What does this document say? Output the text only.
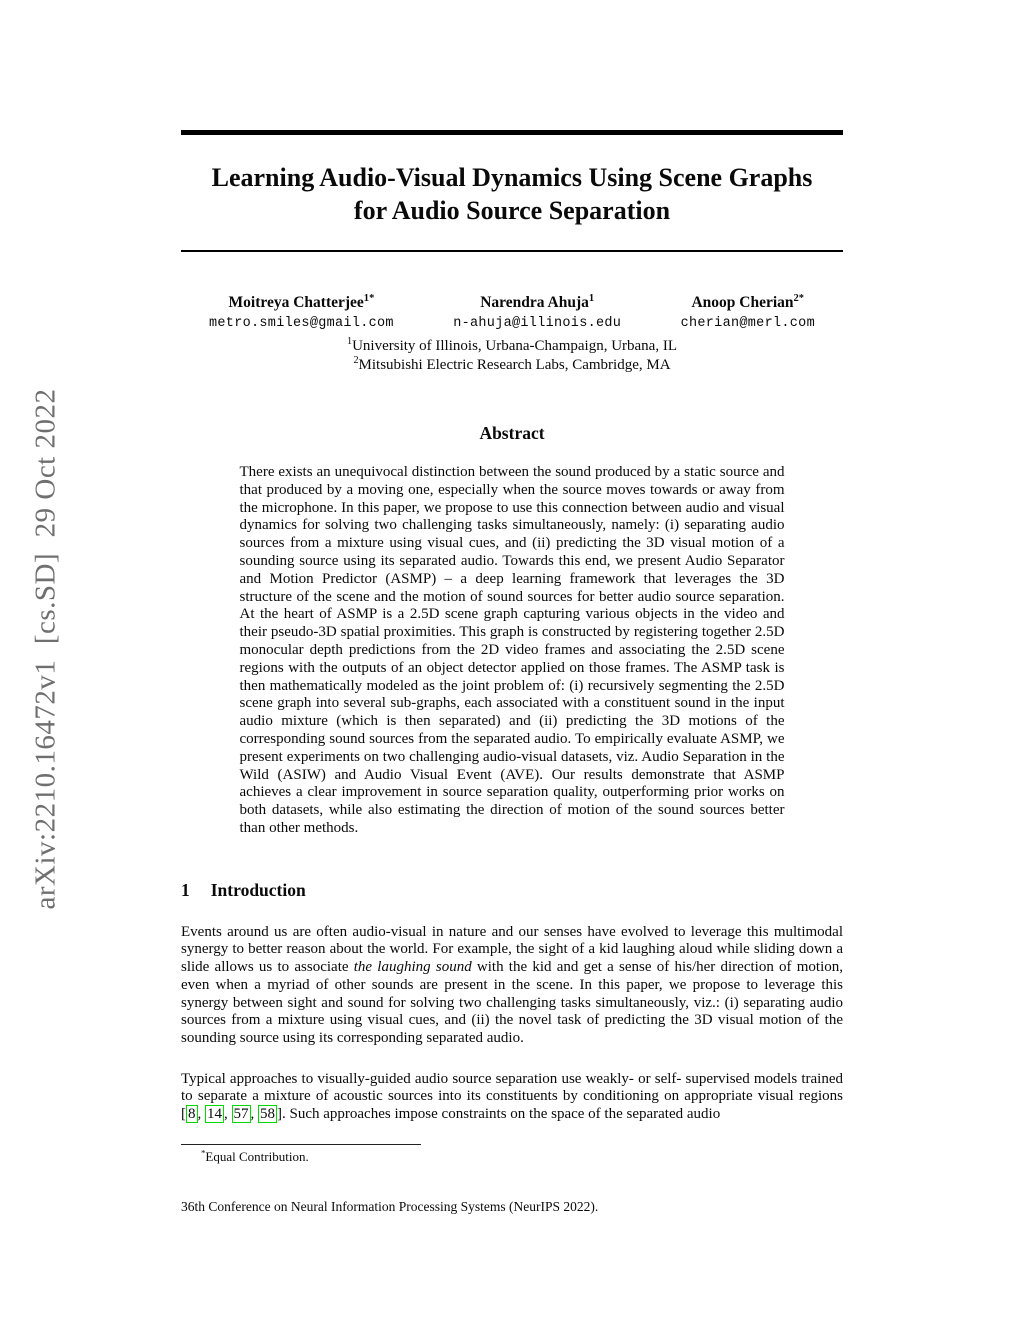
arXiv:2210.16472v1  [cs.SD]  29 Oct 2022
Learning Audio-Visual Dynamics Using Scene Graphs
for Audio Source Separation
Moitreya Chatterjee$^{1*}$
metro.smiles@gmail.com
Narendra Ahuja$^1$
n-ahuja@illinois.edu
Anoop Cherian$^{2*}$
cherian@merl.com
$^1$University of Illinois, Urbana-Champaign, Urbana, IL
$^2$Mitsubishi Electric Research Labs, Cambridge, MA
Abstract

There exists an unequivocal distinction between the sound produced by a static source and that produced by a moving one, especially when the source moves towards or away from the microphone. In this paper, we propose to use this connection between audio and visual dynamics for solving two challenging tasks simultaneously, namely: (i) separating audio sources from a mixture using visual cues, and (ii) predicting the 3D visual motion of a sounding source using its separated audio. Towards this end, we present Audio Separator and Motion Predictor (ASMP) – a deep learning framework that leverages the 3D structure of the scene and the motion of sound sources for better audio source separation. At the heart of ASMP is a 2.5D scene graph capturing various objects in the video and their pseudo-3D spatial proximities. This graph is constructed by registering together 2.5D monocular depth predictions from the 2D video frames and associating the 2.5D scene regions with the outputs of an object detector applied on those frames. The ASMP task is then mathematically modeled as the joint problem of: (i) recursively segmenting the 2.5D scene graph into several sub-graphs, each associated with a constituent sound in the input audio mixture (which is then separated) and (ii) predicting the 3D motions of the corresponding sound sources from the separated audio. To empirically evaluate ASMP, we present experiments on two challenging audio-visual datasets, viz. Audio Separation in the Wild (ASIW) and Audio Visual Event (AVE). Our results demonstrate that ASMP achieves a clear improvement in source separation quality, outperforming prior works on both datasets, while also estimating the direction of motion of the sound sources better than other methods.

1 Introduction

Events around us are often audio-visual in nature and our senses have evolved to leverage this multimodal synergy to better reason about the world. For example, the sight of a kid laughing aloud while sliding down a slide allows us to associate the laughing sound with the kid and get a sense of his/her direction of motion, even when a myriad of other sounds are present in the scene. In this paper, we propose to leverage this synergy between sight and sound for solving two challenging tasks simultaneously, viz.: (i) separating audio sources from a mixture using visual cues, and (ii) the novel task of predicting the 3D visual motion of the sounding source using its corresponding separated audio.

Typical approaches to visually-guided audio source separation use weakly- or self- supervised models trained to separate a mixture of acoustic sources into its constituents by conditioning on appropriate visual regions [ 8 , 14 , 57 , 58 ]. Such approaches impose constraints on the space of the separated audio

*Equal Contribution.
36th Conference on Neural Information Processing Systems (NeurIPS 2022).
